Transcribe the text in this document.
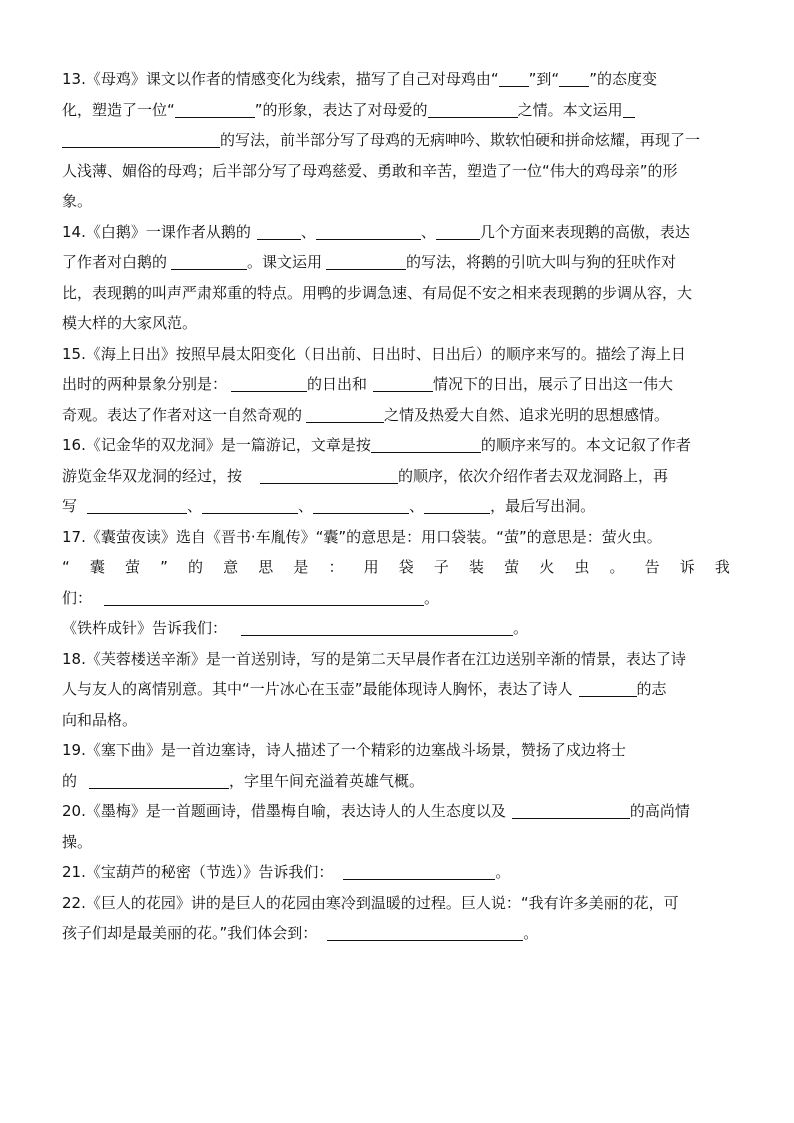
13.《母鸡》课文以作者的情感变化为线索，描写了自己对母鸡由“ ”到“ ”的态度变
化，塑造了一位“	”的形象，表达了对母爱的	之情。本文运用
的写法，前半部分写了母鸡的无病呻吟、欺软怕硬和拼命炫耀，再现了一
人浅薄、媚俗的母鸡；后半部分写了母鸡慈爱、勇敢和辛苦，塑造了一位“伟大的鸡母亲”的形
象。
14.《白鹅》一课作者从鹅的	、	、	几个方面来表现鹅的高傲，表达
了作者对白鹅的	。课文运用	的写法，将鹅的引吭大叫与狗的狂吠作对
比，表现鹅的叫声严肃郑重的特点。用鸭的步调急速、有局促不安之相来表现鹅的步调从容，大
模大样的大家风范。
15.《海上日出》按照早晨太阳变化（日出前、日出时、日出后）的顺序来写的。描绘了海上日
出时的两种景象分别是：	的日出和	情况下的日出，展示了日出这一伟大
奇观。表达了作者对这一自然奇观的	之情及热爱大自然、追求光明的思想感情。
16.《记金华的双龙洞》是一篇游记，文章是按	的顺序来写的。本文记叙了作者
游览金华双龙洞的经过，按	的顺序，依次介绍作者去双龙洞路上，再
写	、	、	、	，最后写出洞。
17.《囊萤夜读》选自《晋书·车胤传》“囊”的意思是：用口袋装。“萤”的意思是：萤火虫。
“ 囊 萤 ” 的 意 思 是 ： 用 袋 子 装 萤 火 虫 。 告 诉 我
们：	。
《铁杵成针》告诉我们：	。
18.《芙蓉楼送辛渐》是一首送别诗，写的是第二天早晨作者在江边送别辛渐的情景，表达了诗
人与友人的离情别意。其中“一片冰心在玉壶”最能体现诗人胸怀，表达了诗人	的志
向和品格。
19.《塞下曲》是一首边塞诗，诗人描述了一个精彩的边塞战斗场景，赞扬了戍边将士
的	，字里午间充溢着英雄气概。
20.《墨梅》是一首题画诗，借墨梅自喻，表达诗人的人生态度以及	的高尚情
操。
21.《宝葫芦的秘密（节选）》告诉我们：	。
22.《巨人的花园》讲的是巨人的花园由寒冷到温暖的过程。巨人说：“我有许多美丽的花，可
孩子们却是最美丽的花。”我们体会到：	。
